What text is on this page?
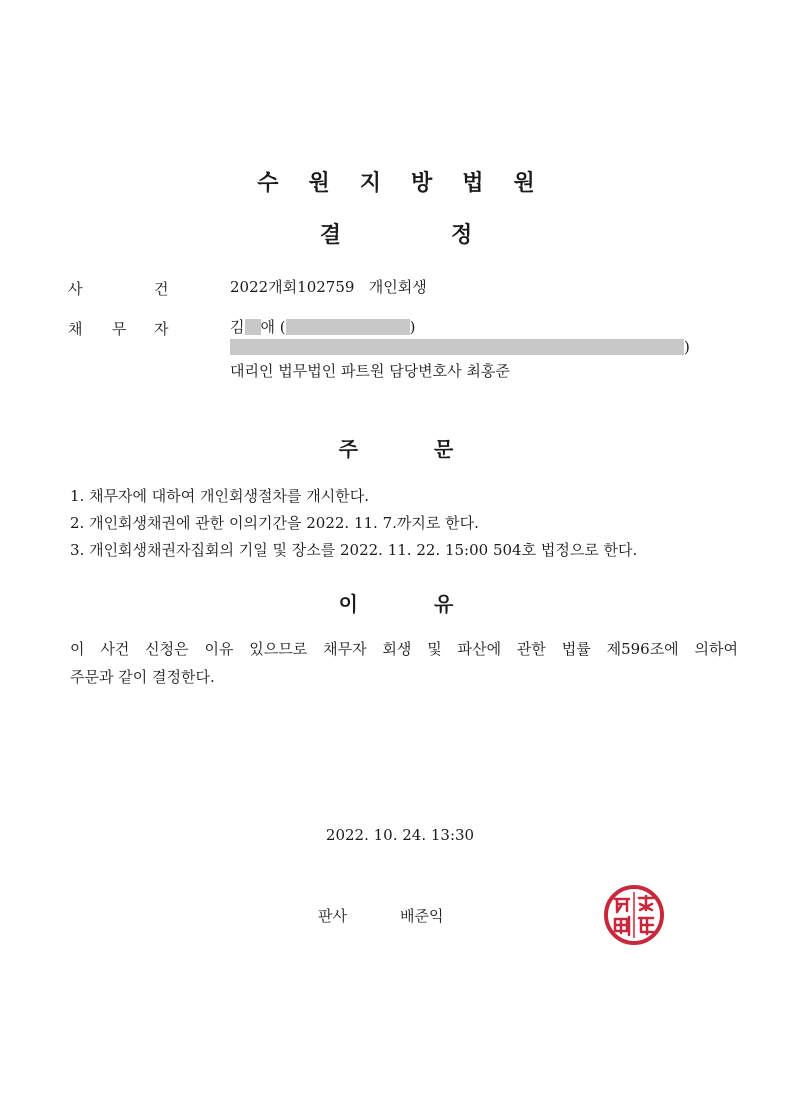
수원지방법원
결정
사	건	2022개회102759   개인회생
채 무 자	김 애 (	)
)
대리인 법무법인 파트원 담당변호사 최홍준
주문
1. 채무자에 대하여 개인회생절차를 개시한다.
2. 개인회생채권에 관한 이의기간을 2022. 11. 7.까지로 한다.
3. 개인회생채권자집회의 기일 및 장소를 2022. 11. 22. 15:00 504호 법정으로 한다.
이유
이 사건 신청은 이유 있으므로 채무자 회생 및 파산에 관한 법률 제596조에 의하여
주문과 같이 결정한다.
2022. 10. 24. 13:30
판사	배준익
